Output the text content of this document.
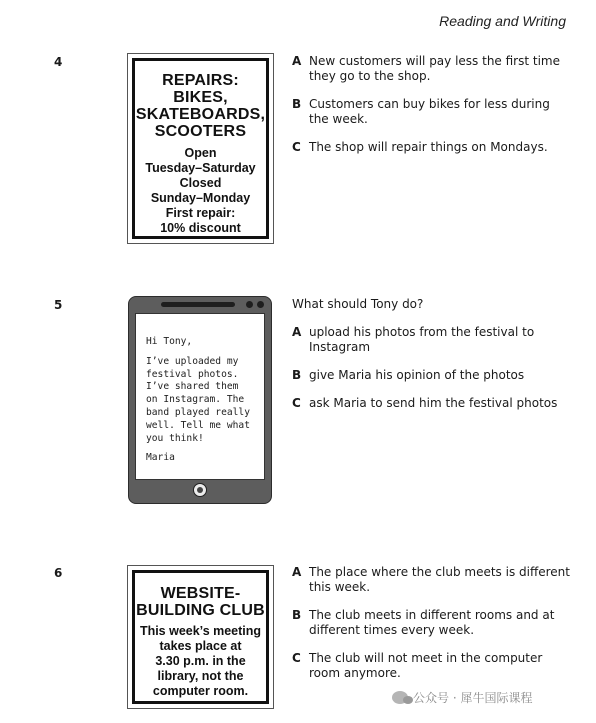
Reading and Writing
4
REPAIRS:
BIKES,
SKATEBOARDS,
SCOOTERS
Open
Tuesday–Saturday
Closed
Sunday–Monday
First repair:
10% discount
A New customers will pay less the first time they go to the shop.
B Customers can buy bikes for less during the week.
C The shop will repair things on Mondays.
5

Hi Tony,

I’ve uploaded my
festival photos.
I’ve shared them
on Instagram. The
band played really
well. Tell me what
you think!

Maria

What should Tony do?
A upload his photos from the festival to Instagram
B give Maria his opinion of the photos
C ask Maria to send him the festival photos
6
WEBSITE-
BUILDING CLUB
This week’s meeting
takes place at
3.30 p.m. in the
library, not the
computer room.
A The place where the club meets is different this week.
B The club meets in different rooms and at different times every week.
C The club will not meet in the computer room anymore.
公众号 · 犀牛国际课程
